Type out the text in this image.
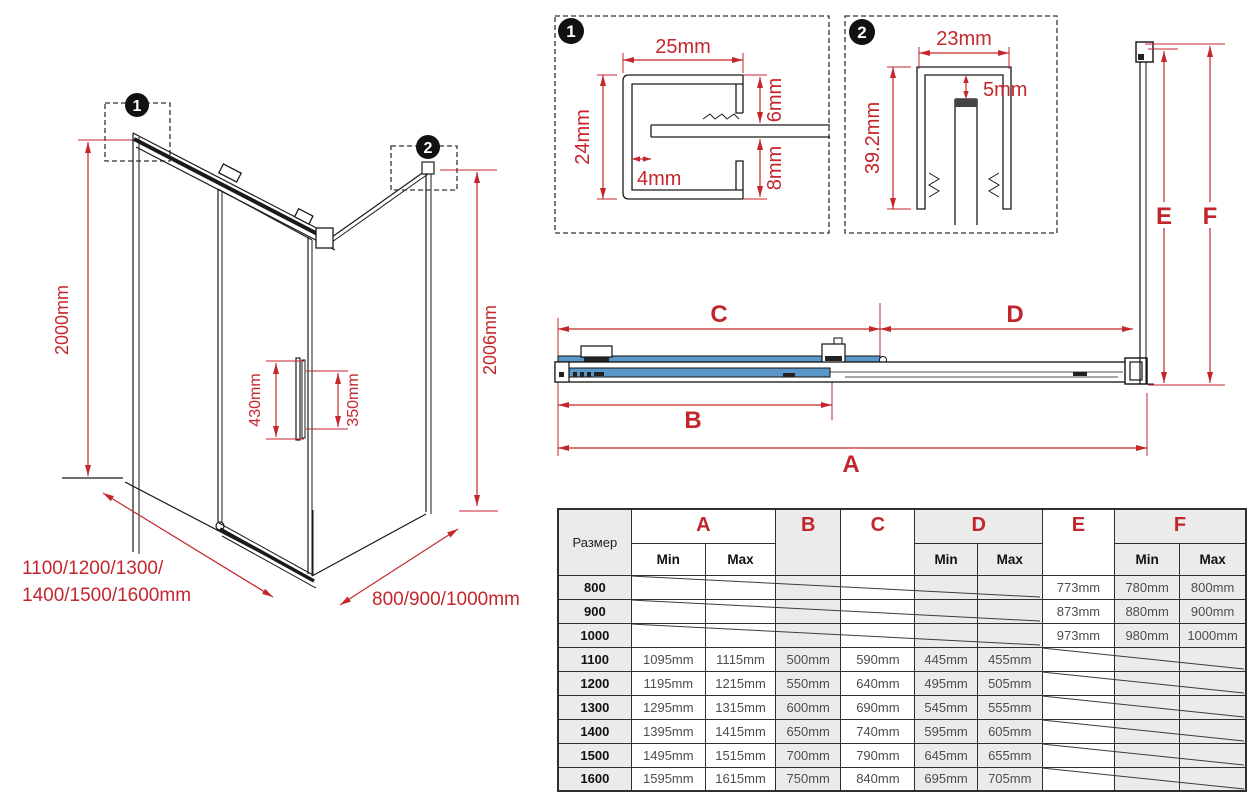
2000mm
1
2
2006mm
430mm	350mm
1100/1200/1300/
1400/1500/1600mm	800/900/1000mm
1
25mm
24mm
4mm
6mm
8mm
2	23mm
5mm
39.2mm
C	D
B
A
E F
Размер	A		B	C	D		E	F	
	Min	Max			Min	Max		Min	Max
800							773mm	780mm	800mm
900							873mm	880mm	900mm
1000							973mm	980mm	1000mm
1100	1095mm	1115mm	500mm	590mm	445mm	455mm			
1200	1195mm	1215mm	550mm	640mm	495mm	505mm			
1300	1295mm	1315mm	600mm	690mm	545mm	555mm			
1400	1395mm	1415mm	650mm	740mm	595mm	605mm			
1500	1495mm	1515mm	700mm	790mm	645mm	655mm			
1600	1595mm	1615mm	750mm	840mm	695mm	705mm			
